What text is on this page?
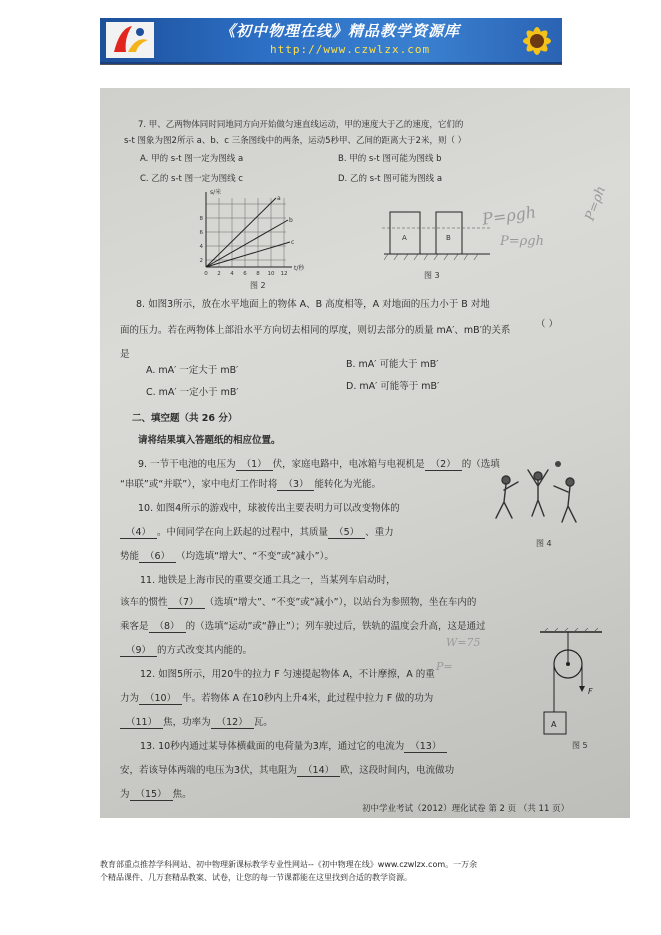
《初中物理在线》精品教学资源库
http://www.czwlzx.com
7. 甲、乙两物体同时同地同方向开始做匀速直线运动，甲的速度大于乙的速度，它们的
s-t 图象为图2所示 a、b、c 三条图线中的两条，运动5秒甲、乙间的距离大于2米，则（ ）
A. 甲的 s-t 图一定为图线 a	B. 甲的 s-t 图可能为图线 b
C. 乙的 s-t 图一定为图线 c	D. 乙的 s-t 图可能为图线 a
s/米
t/秒
a
b
c
2
4
6
8
0 2 4 6 8 10 12
图 2
A	B
图 3
8. 如图3所示，放在水平地面上的物体 A、B 高度相等，A 对地面的压力小于 B 对地
面的压力。若在两物体上部沿水平方向切去相同的厚度，则切去部分的质量 mA′、mB′的关系
（ ）
是
A. mA′ 一定大于 mB′
B. mA′ 可能大于 mB′
C. mA′ 一定小于 mB′
D. mA′ 可能等于 mB′
二、填空题（共 26 分）
请将结果填入答题纸的相应位置。
9. 一节干电池的电压为 （1） 伏，家庭电路中，电冰箱与电视机是 （2） 的（选填
“串联”或“并联”），家中电灯工作时将 （3） 能转化为光能。
10. 如图4所示的游戏中，球被传出主要表明力可以改变物体的
（4） 。中间同学在向上跃起的过程中，其质量 （5） 、重力
势能 （6） （均选填“增大”、“不变”或“减小”）。
图 4
11. 地铁是上海市民的重要交通工具之一，当某列车启动时，
该车的惯性 （7） （选填“增大”、“不变”或“减小”），以站台为参照物，坐在车内的
乘客是 （8） 的（选填“运动”或“静止”）；列车驶过后，铁轨的温度会升高，这是通过
（9） 的方式改变其内能的。
F
A
图 5
12. 如图5所示，用20牛的拉力 F 匀速提起物体 A，不计摩擦，A 的重
力为 （10） 牛。若物体 A 在10秒内上升4米，此过程中拉力 F 做的功为
（11） 焦，功率为 （12） 瓦。
13. 10秒内通过某导体横截面的电荷量为3库，通过它的电流为 （13）
安，若该导体两端的电压为3伏，其电阻为 （14） 欧，这段时间内，电流做功
为 （15） 焦。
初中学业考试（2012）理化试卷 第 2 页 （共 11 页）
P=ρgh
P=ρgh
P=ρh
W=75
P=
教育部重点推荐学科网站、初中物理新课标教学专业性网站--《初中物理在线》www.czwlzx.com。一万余
个精品课件、几万套精品教案、试卷，让您的每一节课都能在这里找到合适的教学资源。
